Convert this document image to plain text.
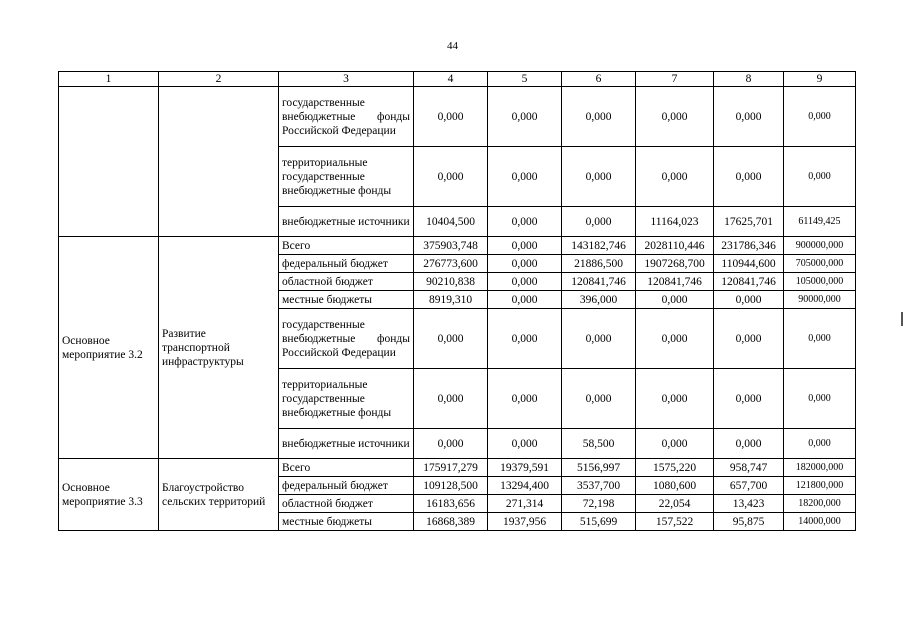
44
1	2	3	4	5	6	7	8	9
		государственные внебюджетные фонды Российской Федерации	0,000	0,000	0,000	0,000	0,000	0,000
		территориальные государственные внебюджетные фонды	0,000	0,000	0,000	0,000	0,000	0,000
		внебюджетные источники	10404,500	0,000	0,000	11164,023	17625,701	61149,425
Основное мероприятие 3.2	Развитие транспортной инфраструктуры	Всего	375903,748	0,000	143182,746	2028110,446	231786,346	900000,000
		федеральный бюджет	276773,600	0,000	21886,500	1907268,700	110944,600	705000,000
		областной бюджет	90210,838	0,000	120841,746	120841,746	120841,746	105000,000
		местные бюджеты	8919,310	0,000	396,000	0,000	0,000	90000,000
		государственные внебюджетные фонды Российской Федерации	0,000	0,000	0,000	0,000	0,000	0,000
		территориальные государственные внебюджетные фонды	0,000	0,000	0,000	0,000	0,000	0,000
		внебюджетные источники	0,000	0,000	58,500	0,000	0,000	0,000
Основное мероприятие 3.3	Благоустройство сельских территорий	Всего	175917,279	19379,591	5156,997	1575,220	958,747	182000,000
		федеральный бюджет	109128,500	13294,400	3537,700	1080,600	657,700	121800,000
		областной бюджет	16183,656	271,314	72,198	22,054	13,423	18200,000
		местные бюджеты	16868,389	1937,956	515,699	157,522	95,875	14000,000
